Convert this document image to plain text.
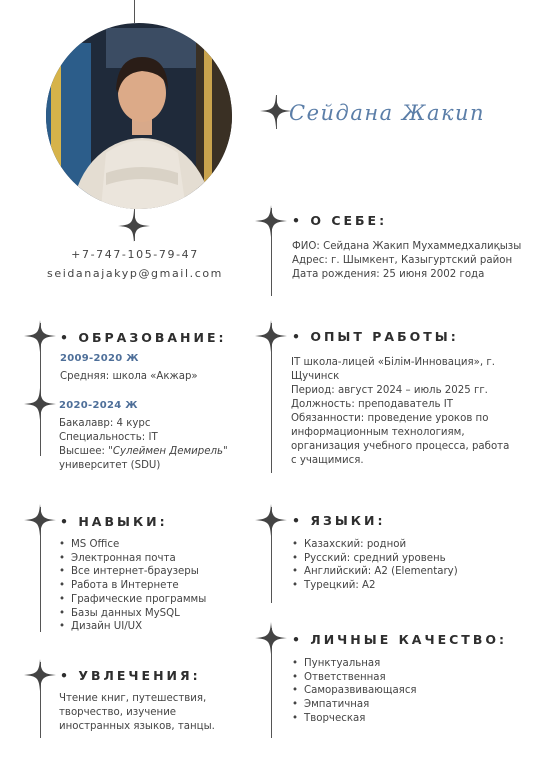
Сейдана Жакип
+7-747-105-79-47
seidanajakyp@gmail.com
• О СЕБЕ:
ФИО: Сейдана Жакип Мухаммедхалиқызы
Адрес: г. Шымкент, Казыгуртский район
Дата рождения: 25 июня 2002 года
• ОБРАЗОВАНИЕ:
2009-2020 Ж
Средняя: школа «Акжар»
2020-2024 Ж
Бакалавр: 4 курс
Специальность: IT
Высшее: "Сулеймен Демирель"
университет (SDU)
• ОПЫТ РАБОТЫ:
IT школа-лицей «Білім-Инновация», г.
Щучинск
Период: август 2024 – июль 2025 гг.
Должность: преподаватель IT
Обязанности: проведение уроков по
информационным технологиям,
организация учебного процесса, работа
с учащимися.
• НАВЫКИ:
• MS Office
• Электронная почта
• Все интернет-браузеры
• Работа в Интернете
• Графические программы
• Базы данных MySQL
• Дизайн UI/UX
• ЯЗЫКИ:
• Казахский: родной
• Русский: средний уровень
• Английский: A2 (Elementary)
• Турецкий: A2
• УВЛЕЧЕНИЯ:
Чтение книг, путешествия,
творчество, изучение
иностранных языков, танцы.
• ЛИЧНЫЕ КАЧЕСТВО:
• Пунктуальная
• Ответственная
• Саморазвивающаяся
• Эмпатичная
• Творческая
